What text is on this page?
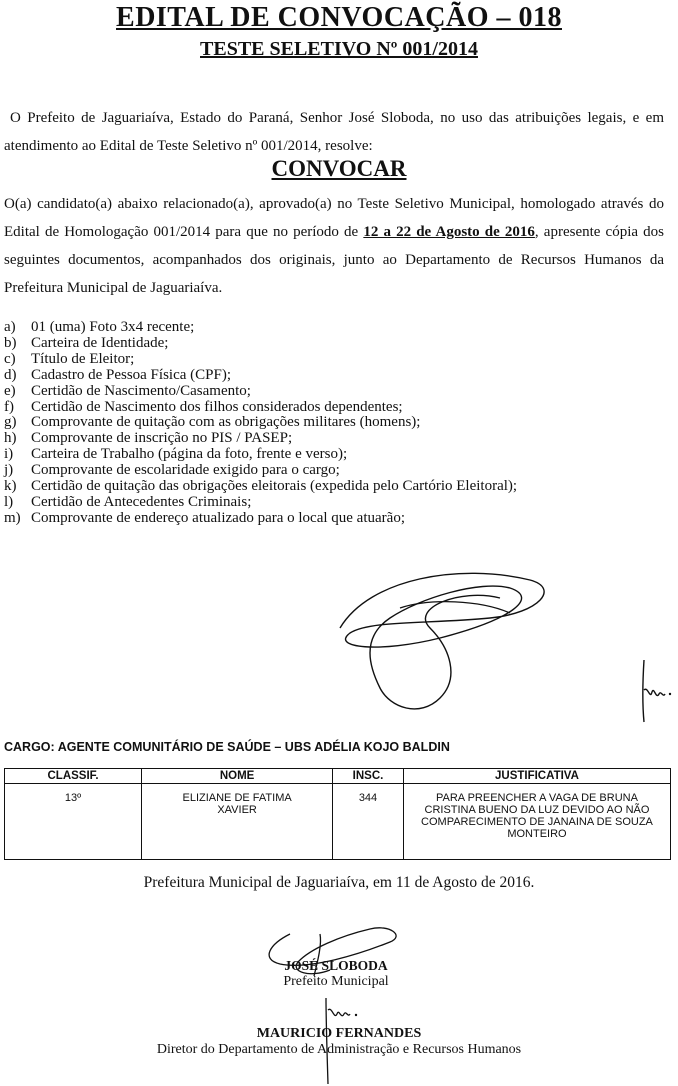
EDITAL DE CONVOCAÇÃO – 018
TESTE SELETIVO Nº 001/2014

O Prefeito de Jaguariaíva, Estado do Paraná, Senhor José Sloboda, no uso das atribuições legais, e em atendimento ao Edital de Teste Seletivo nº 001/2014, resolve:

CONVOCAR

O(a) candidato(a) abaixo relacionado(a), aprovado(a) no Teste Seletivo Municipal, homologado através do Edital de Homologação 001/2014 para que no período de 12 a 22 de Agosto de 2016, apresente cópia dos seguintes documentos, acompanhados dos originais, junto ao Departamento de Recursos Humanos da Prefeitura Municipal de Jaguariaíva.

a) 01 (uma) Foto 3x4 recente;
b) Carteira de Identidade;
c) Título de Eleitor;
d) Cadastro de Pessoa Física (CPF);
e) Certidão de Nascimento/Casamento;
f) Certidão de Nascimento dos filhos considerados dependentes;
g) Comprovante de quitação com as obrigações militares (homens);
h) Comprovante de inscrição no PIS / PASEP;
i) Carteira de Trabalho (página da foto, frente e verso);
j) Comprovante de escolaridade exigido para o cargo;
k) Certidão de quitação das obrigações eleitorais (expedida pelo Cartório Eleitoral);
l) Certidão de Antecedentes Criminais;
m) Comprovante de endereço atualizado para o local que atuarão;

CARGO: AGENTE COMUNITÁRIO DE SAÚDE – UBS ADÉLIA KOJO BALDIN

CLASSIF.	NOME	INSC.	JUSTIFICATIVA
13º	ELIZIANE DE FATIMA XAVIER	344	PARA PREENCHER A VAGA DE BRUNA CRISTINA BUENO DA LUZ DEVIDO AO NÃO COMPARECIMENTO DE JANAINA DE SOUZA MONTEIRO

Prefeitura Municipal de Jaguariaíva, em 11 de Agosto de 2016.

JOSÉ SLOBODA

Prefeito Municipal

MAURICIO FERNANDES

Diretor do Departamento de Administração e Recursos Humanos
